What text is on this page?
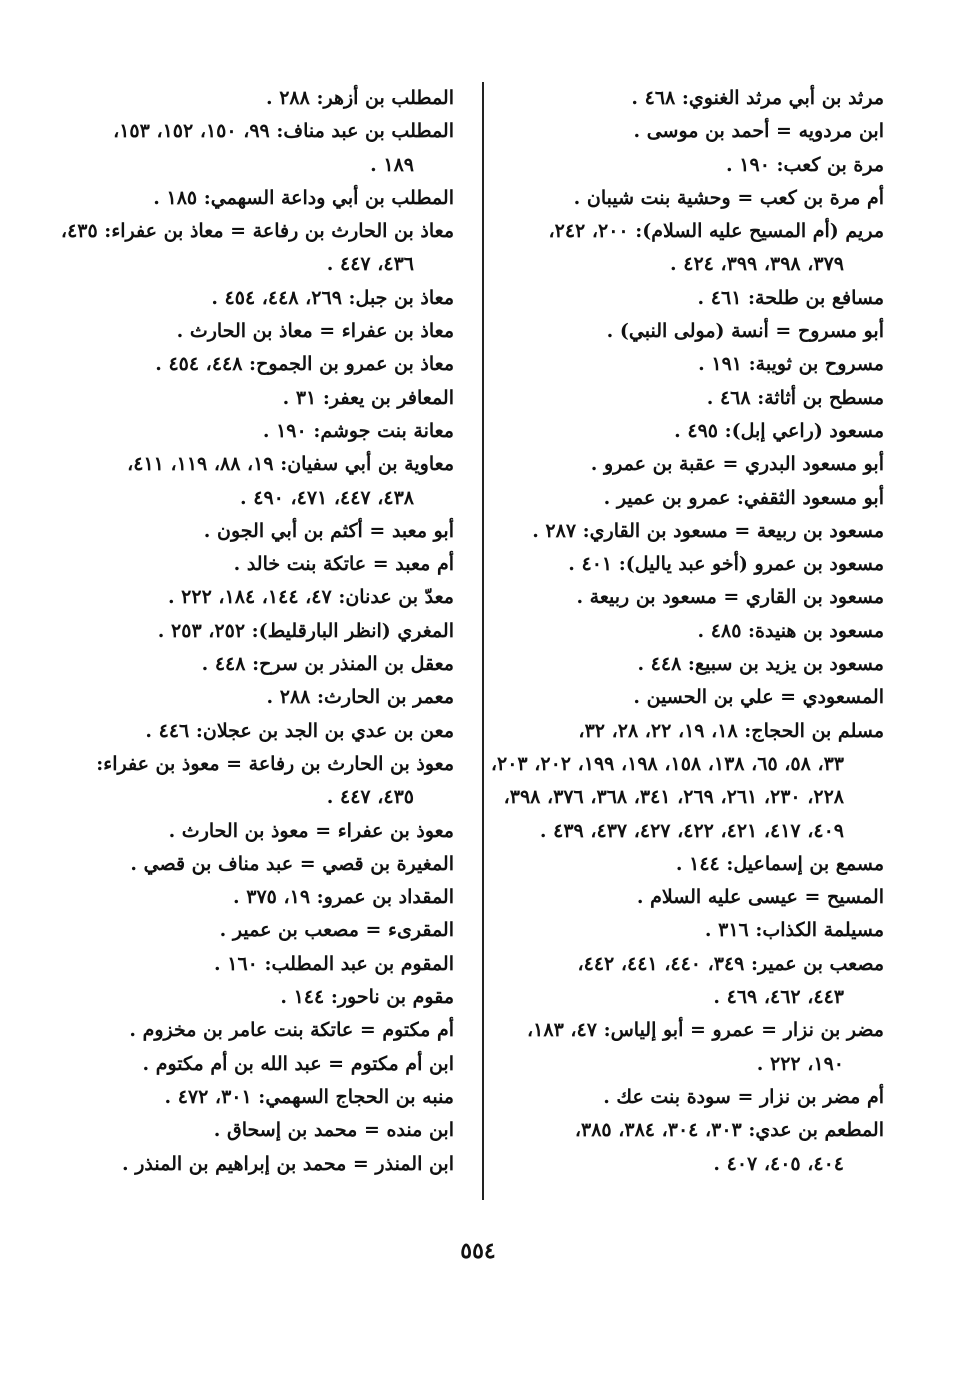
مرثد بن أبي مرثد الغنوي: ٤٦٨ .
ابن مردويه = أحمد بن موسى .
مرة بن كعب: ١٩٠ .
أم مرة بن كعب = وحشية بنت شيبان .
مريم (أم المسيح عليه السلام): ٢٠٠، ٢٤٢،
٣٧٩، ٣٩٨، ٣٩٩، ٤٢٤ .
مسافع بن طلحة: ٤٦١ .
أبو مسروح = أنسة (مولى النبي) .
مسروح بن ثويبة: ١٩١ .
مسطح بن أثاثة: ٤٦٨ .
مسعود (راعي إبل): ٤٩٥ .
أبو مسعود البدري = عقبة بن عمرو .
أبو مسعود الثقفي: عمرو بن عمير .
مسعود بن ربيعة = مسعود بن القاري: ٢٨٧ .
مسعود بن عمرو (أخو عبد ياليل): ٤٠١ .
مسعود بن القاري = مسعود بن ربيعة .
مسعود بن هنيدة: ٤٨٥ .
مسعود بن يزيد بن سبيع: ٤٤٨ .
المسعودي = علي بن الحسين .
مسلم بن الحجاج: ١٨، ١٩، ٢٢، ٢٨، ٣٢،
٣٣، ٥٨، ٦٥، ١٣٨، ١٥٨، ١٩٨، ١٩٩، ٢٠٢، ٢٠٣، ٢٢٨، ٢٣٠، ٢٦١، ٢٦٩، ٣٤١، ٣٦٨، ٣٧٦، ٣٩٨، ٤٠٩، ٤١٧، ٤٢١، ٤٢٢، ٤٢٧، ٤٣٧، ٤٣٩ .
مسمع بن إسماعيل: ١٤٤ .
المسيح = عيسى عليه السلام .
مسيلمة الكذاب: ٣١٦ .
مصعب بن عمير: ٣٤٩، ٤٤٠، ٤٤١، ٤٤٢،
٤٤٣، ٤٦٢، ٤٦٩ .
مضر بن نزار = عمرو = أبو إلياس: ٤٧، ١٨٣،
١٩٠، ٢٢٢ .
أم مضر بن نزار = سودة بنت عك .
المطعم بن عدي: ٣٠٣، ٣٠٤، ٣٨٤، ٣٨٥،
٤٠٤، ٤٠٥، ٤٠٧ .
المطلب بن أزهر: ٢٨٨ .
المطلب بن عبد مناف: ٩٩، ١٥٠، ١٥٢، ١٥٣،
١٨٩ .
المطلب بن أبي وداعة السهمي: ١٨٥ .
معاذ بن الحارث بن رفاعة = معاذ بن عفراء: ٤٣٥،
٤٣٦، ٤٤٧ .
معاذ بن جبل: ٢٦٩، ٤٤٨، ٤٥٤ .
معاذ بن عفراء = معاذ بن الحارث .
معاذ بن عمرو بن الجموح: ٤٤٨، ٤٥٤ .
المعافر بن يعفر: ٣١ .
معانة بنت جوشم: ١٩٠ .
معاوية بن أبي سفيان: ١٩، ٨٨، ١١٩، ٤١١،
٤٣٨، ٤٤٧، ٤٧١، ٤٩٠ .
أبو معبد = أكثم بن أبي الجون .
أم معبد = عاتكة بنت خالد .
معدّ بن عدنان: ٤٧، ١٤٤، ١٨٤، ٢٢٢ .
المغري (انظر البارقليط): ٢٥٢، ٢٥٣ .
معقل بن المنذر بن سرح: ٤٤٨ .
معمر بن الحارث: ٢٨٨ .
معن بن عدي بن الجد بن عجلان: ٤٤٦ .
معوذ بن الحارث بن رفاعة = معوذ بن عفراء:
٤٣٥، ٤٤٧ .
معوذ بن عفراء = معوذ بن الحارث .
المغيرة بن قصي = عبد مناف بن قصي .
المقداد بن عمرو: ١٩، ٣٧٥ .
المقرىء = مصعب بن عمير .
المقوم بن عبد المطلب: ١٦٠ .
مقوم بن ناحور: ١٤٤ .
أم مكتوم = عاتكة بنت عامر بن مخزوم .
ابن أم مكتوم = عبد الله بن أم مكتوم .
منبه بن الحجاج السهمي: ٣٠١، ٤٧٢ .
ابن منده = محمد بن إسحاق .
ابن المنذر = محمد بن إبراهيم بن المنذر .
٥٥٤
